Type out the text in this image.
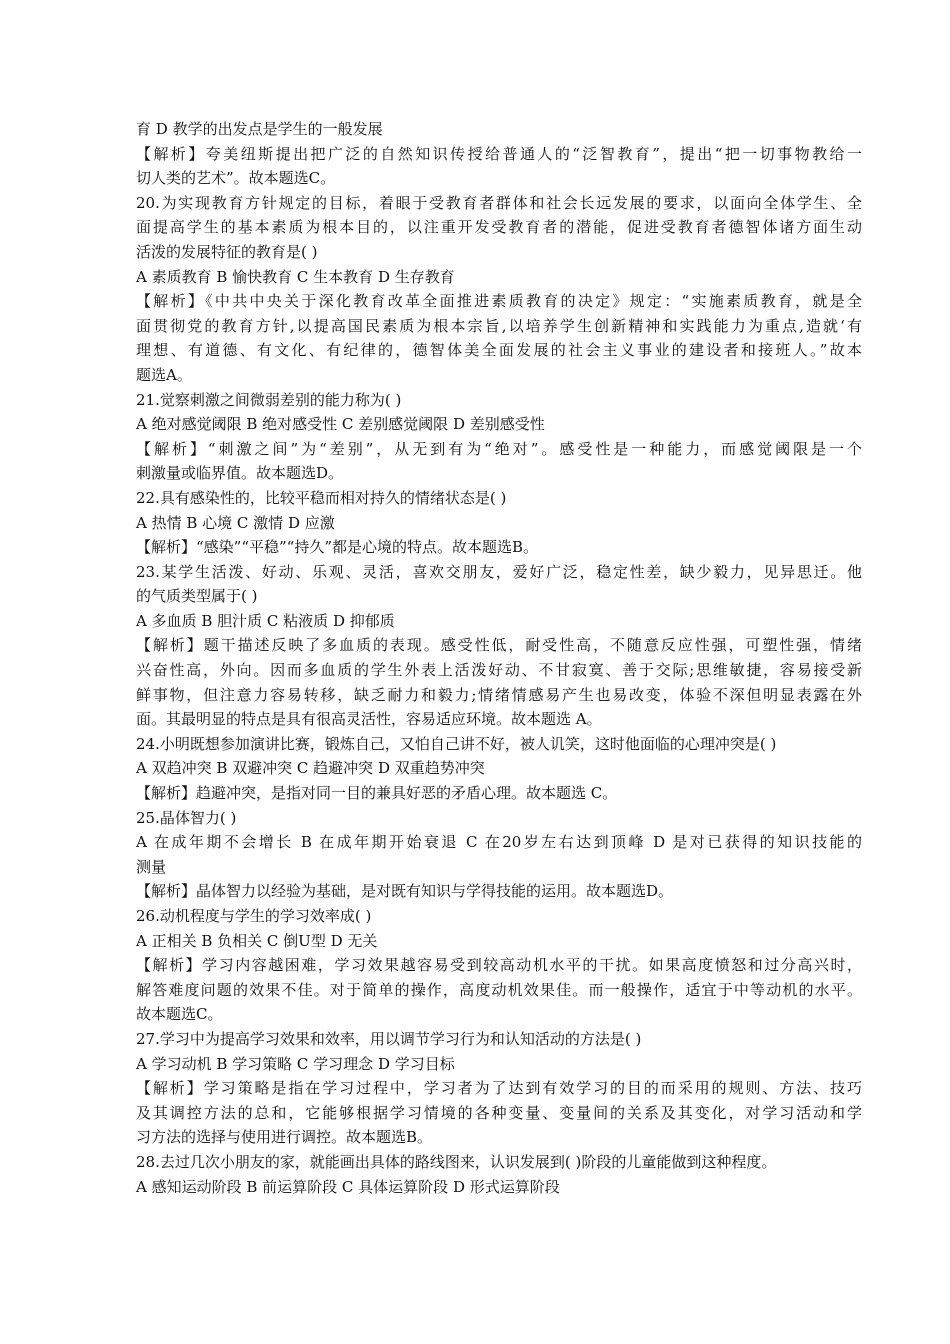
育 D 教学的出发点是学生的一般发展
【解析】夸美纽斯提出把广泛的自然知识传授给普通人的“泛智教育”，提出“把一切事物教给一
切人类的艺术”。故本题选C。
20.为实现教育方针规定的目标，着眼于受教育者群体和社会长远发展的要求，以面向全体学生、全
面提高学生的基本素质为根本目的，以注重开发受教育者的潜能，促进受教育者德智体诸方面生动
活泼的发展特征的教育是( )
A 素质教育 B 愉快教育 C 生本教育 D 生存教育
【解析】《中共中央关于深化教育改革全面推进素质教育的决定》规定：“实施素质教育，就是全
面贯彻党的教育方针,以提高国民素质为根本宗旨,以培养学生创新精神和实践能力为重点,造就‘有
理想、有道德、有文化、有纪律的，德智体美全面发展的社会主义事业的建设者和接班人。”故本
题选A。
21.觉察刺激之间微弱差别的能力称为( )
A 绝对感觉阈限 B 绝对感受性 C 差别感觉阈限 D 差别感受性
【解析】“刺激之间”为“差别”，从无到有为“绝对”。感受性是一种能力，而感觉阈限是一个
刺激量或临界值。故本题选D。
22.具有感染性的，比较平稳而相对持久的情绪状态是( )
A 热情 B 心境 C 激情 D 应激
【解析】“感染”“平稳”“持久”都是心境的特点。故本题选B。
23.某学生活泼、好动、乐观、灵活，喜欢交朋友，爱好广泛，稳定性差，缺少毅力，见异思迁。他
的气质类型属于( )
A 多血质 B 胆汁质 C 粘液质 D 抑郁质
【解析】题干描述反映了多血质的表现。感受性低，耐受性高，不随意反应性强，可塑性强，情绪
兴奋性高，外向。因而多血质的学生外表上活泼好动、不甘寂寞、善于交际;思维敏捷，容易接受新
鲜事物，但注意力容易转移，缺乏耐力和毅力;情绪情感易产生也易改变，体验不深但明显表露在外
面。其最明显的特点是具有很高灵活性，容易适应环境。故本题选 A。
24.小明既想参加演讲比赛，锻炼自己，又怕自己讲不好，被人讥笑，这时他面临的心理冲突是( )
A 双趋冲突 B 双避冲突 C 趋避冲突 D 双重趋势冲突
【解析】趋避冲突，是指对同一目的兼具好恶的矛盾心理。故本题选 C。
25.晶体智力( )
A 在成年期不会增长 B 在成年期开始衰退 C 在20岁左右达到顶峰 D 是对已获得的知识技能的
测量
【解析】晶体智力以经验为基础，是对既有知识与学得技能的运用。故本题选D。
26.动机程度与学生的学习效率成( )
A 正相关 B 负相关 C 倒U型 D 无关
【解析】学习内容越困难，学习效果越容易受到较高动机水平的干扰。如果高度愤怒和过分高兴时，
解答难度问题的效果不佳。对于简单的操作，高度动机效果佳。而一般操作，适宜于中等动机的水平。
故本题选C。
27.学习中为提高学习效果和效率，用以调节学习行为和认知活动的方法是( )
A 学习动机 B 学习策略 C 学习理念 D 学习目标
【解析】学习策略是指在学习过程中，学习者为了达到有效学习的目的而采用的规则、方法、技巧
及其调控方法的总和，它能够根据学习情境的各种变量、变量间的关系及其变化，对学习活动和学
习方法的选择与使用进行调控。故本题选B。
28.去过几次小朋友的家，就能画出具体的路线图来，认识发展到( )阶段的儿童能做到这种程度。
A 感知运动阶段 B 前运算阶段 C 具体运算阶段 D 形式运算阶段
